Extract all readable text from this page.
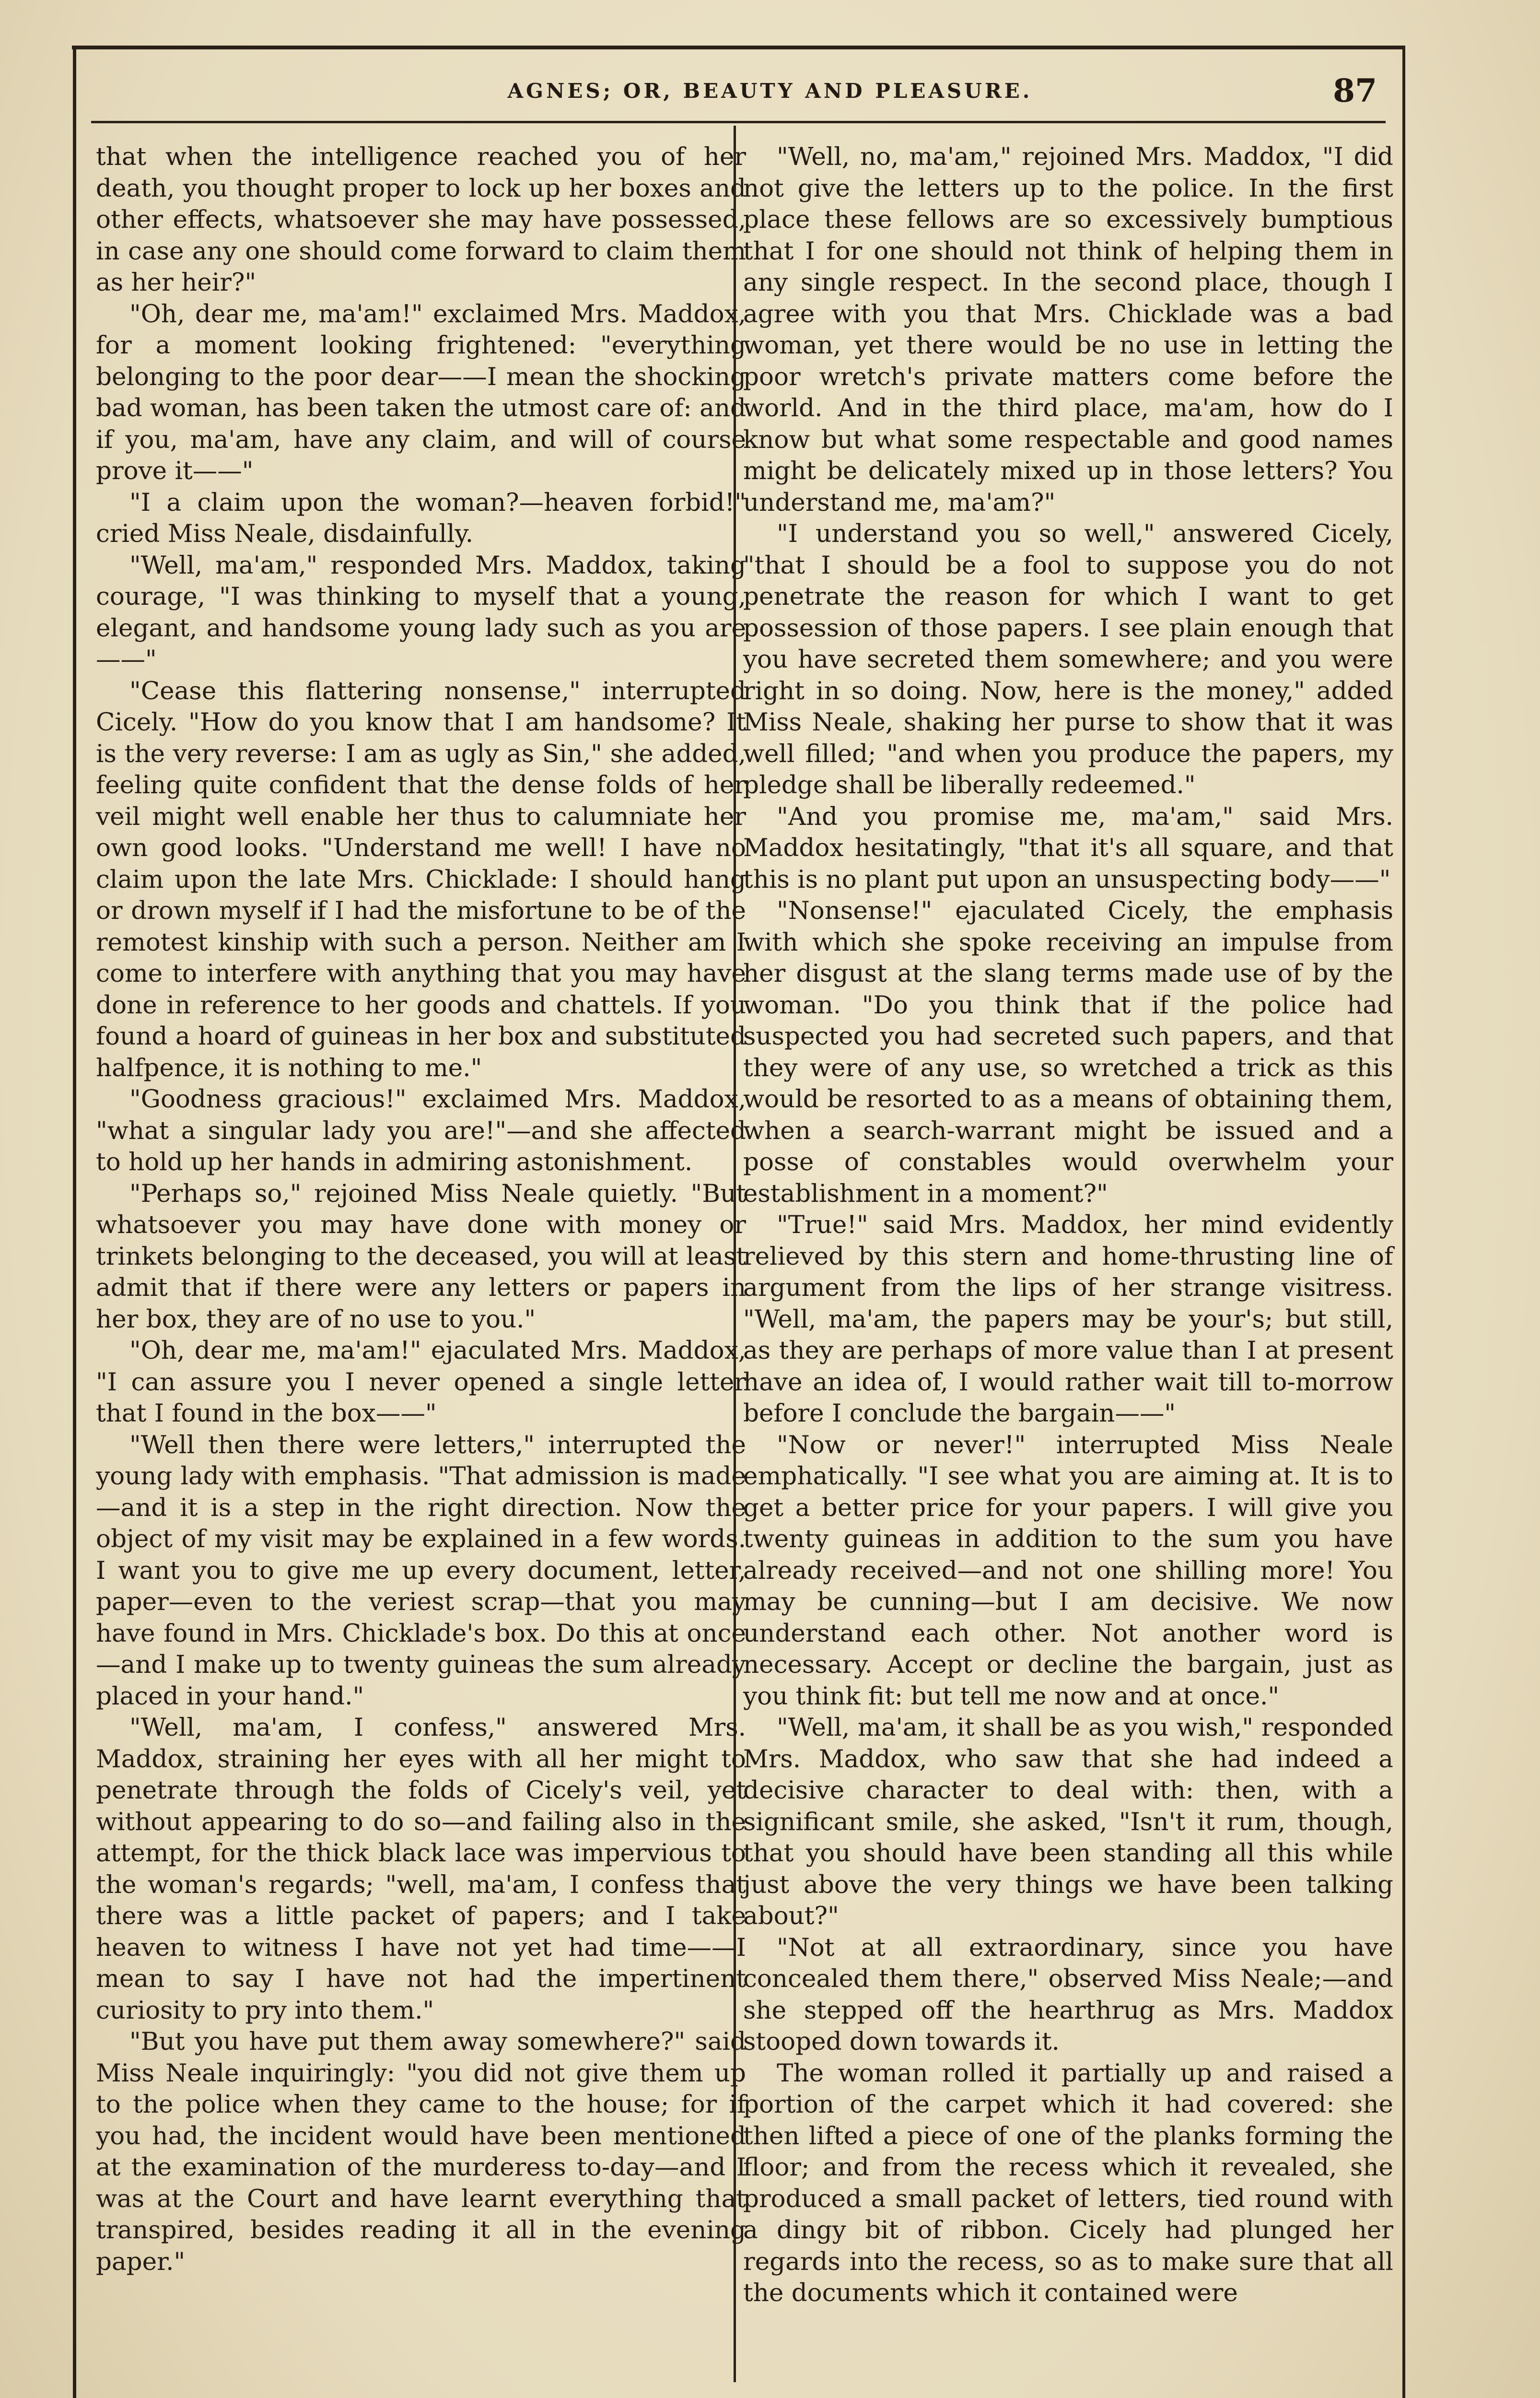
AGNES; OR, BEAUTY AND PLEASURE.	87

that when the intelligence reached you of her death, you thought proper to lock up her boxes and other effects, whatsoever she may have possessed, in case any one should come forward to claim them as her heir?"

"Oh, dear me, ma'am!" exclaimed Mrs. Maddox, for a moment looking frightened: "everything belonging to the poor dear——I mean the shocking bad woman, has been taken the utmost care of: and if you, ma'am, have any claim, and will of course prove it——"

"I a claim upon the woman?—heaven forbid!" cried Miss Neale, disdainfully.

"Well, ma'am," responded Mrs. Maddox, taking courage, "I was thinking to myself that a young, elegant, and handsome young lady such as you are——"

"Cease this flattering nonsense," interrupted Cicely. "How do you know that I am handsome? It is the very reverse: I am as ugly as Sin," she added, feeling quite confident that the dense folds of her veil might well enable her thus to calumniate her own good looks. "Understand me well! I have no claim upon the late Mrs. Chicklade: I should hang or drown myself if I had the misfortune to be of the remotest kinship with such a person. Neither am I come to interfere with anything that you may have done in reference to her goods and chattels. If you found a hoard of guineas in her box and substituted halfpence, it is nothing to me."

"Goodness gracious!" exclaimed Mrs. Maddox, "what a singular lady you are!"—and she affected to hold up her hands in admiring astonishment.

"Perhaps so," rejoined Miss Neale quietly. "But whatsoever you may have done with money or trinkets belonging to the deceased, you will at least admit that if there were any letters or papers in her box, they are of no use to you."

"Oh, dear me, ma'am!" ejaculated Mrs. Maddox, "I can assure you I never opened a single letter that I found in the box——"

"Well then there were letters," interrupted the young lady with emphasis. "That admission is made—and it is a step in the right direction. Now the object of my visit may be explained in a few words. I want you to give me up every document, letter, paper—even to the veriest scrap—that you may have found in Mrs. Chicklade's box. Do this at once—and I make up to twenty guineas the sum already placed in your hand."

"Well, ma'am, I confess," answered Mrs. Maddox, straining her eyes with all her might to penetrate through the folds of Cicely's veil, yet without appearing to do so—and failing also in the attempt, for the thick black lace was impervious to the woman's regards; "well, ma'am, I confess that there was a little packet of papers; and I take heaven to witness I have not yet had time——I mean to say I have not had the impertinent curiosity to pry into them."

"But you have put them away somewhere?" said Miss Neale inquiringly: "you did not give them up to the police when they came to the house; for if you had, the incident would have been mentioned at the examination of the murderess to-day—and I was at the Court and have learnt everything that transpired, besides reading it all in the evening paper."

"Well, no, ma'am," rejoined Mrs. Maddox, "I did not give the letters up to the police. In the first place these fellows are so excessively bumptious that I for one should not think of helping them in any single respect. In the second place, though I agree with you that Mrs. Chicklade was a bad woman, yet there would be no use in letting the poor wretch's private matters come before the world. And in the third place, ma'am, how do I know but what some respectable and good names might be delicately mixed up in those letters? You understand me, ma'am?"

"I understand you so well," answered Cicely, "that I should be a fool to suppose you do not penetrate the reason for which I want to get possession of those papers. I see plain enough that you have secreted them somewhere; and you were right in so doing. Now, here is the money," added Miss Neale, shaking her purse to show that it was well filled; "and when you produce the papers, my pledge shall be liberally redeemed."

"And you promise me, ma'am," said Mrs. Maddox hesitatingly, "that it's all square, and that this is no plant put upon an unsuspecting body——"

"Nonsense!" ejaculated Cicely, the emphasis with which she spoke receiving an impulse from her disgust at the slang terms made use of by the woman. "Do you think that if the police had suspected you had secreted such papers, and that they were of any use, so wretched a trick as this would be resorted to as a means of obtaining them, when a search-warrant might be issued and a posse of constables would overwhelm your establishment in a moment?"

"True!" said Mrs. Maddox, her mind evidently relieved by this stern and home-thrusting line of argument from the lips of her strange visitress. "Well, ma'am, the papers may be your's; but still, as they are perhaps of more value than I at present have an idea of, I would rather wait till to-morrow before I conclude the bargain——"

"Now or never!" interrupted Miss Neale emphatically. "I see what you are aiming at. It is to get a better price for your papers. I will give you twenty guineas in addition to the sum you have already received—and not one shilling more! You may be cunning—but I am decisive. We now understand each other. Not another word is necessary. Accept or decline the bargain, just as you think fit: but tell me now and at once."

"Well, ma'am, it shall be as you wish," responded Mrs. Maddox, who saw that she had indeed a decisive character to deal with: then, with a significant smile, she asked, "Isn't it rum, though, that you should have been standing all this while just above the very things we have been talking about?"

"Not at all extraordinary, since you have concealed them there," observed Miss Neale;—and she stepped off the hearthrug as Mrs. Maddox stooped down towards it.

The woman rolled it partially up and raised a portion of the carpet which it had covered: she then lifted a piece of one of the planks forming the floor; and from the recess which it revealed, she produced a small packet of letters, tied round with a dingy bit of ribbon. Cicely had plunged her regards into the recess, so as to make sure that all the documents which it contained were
